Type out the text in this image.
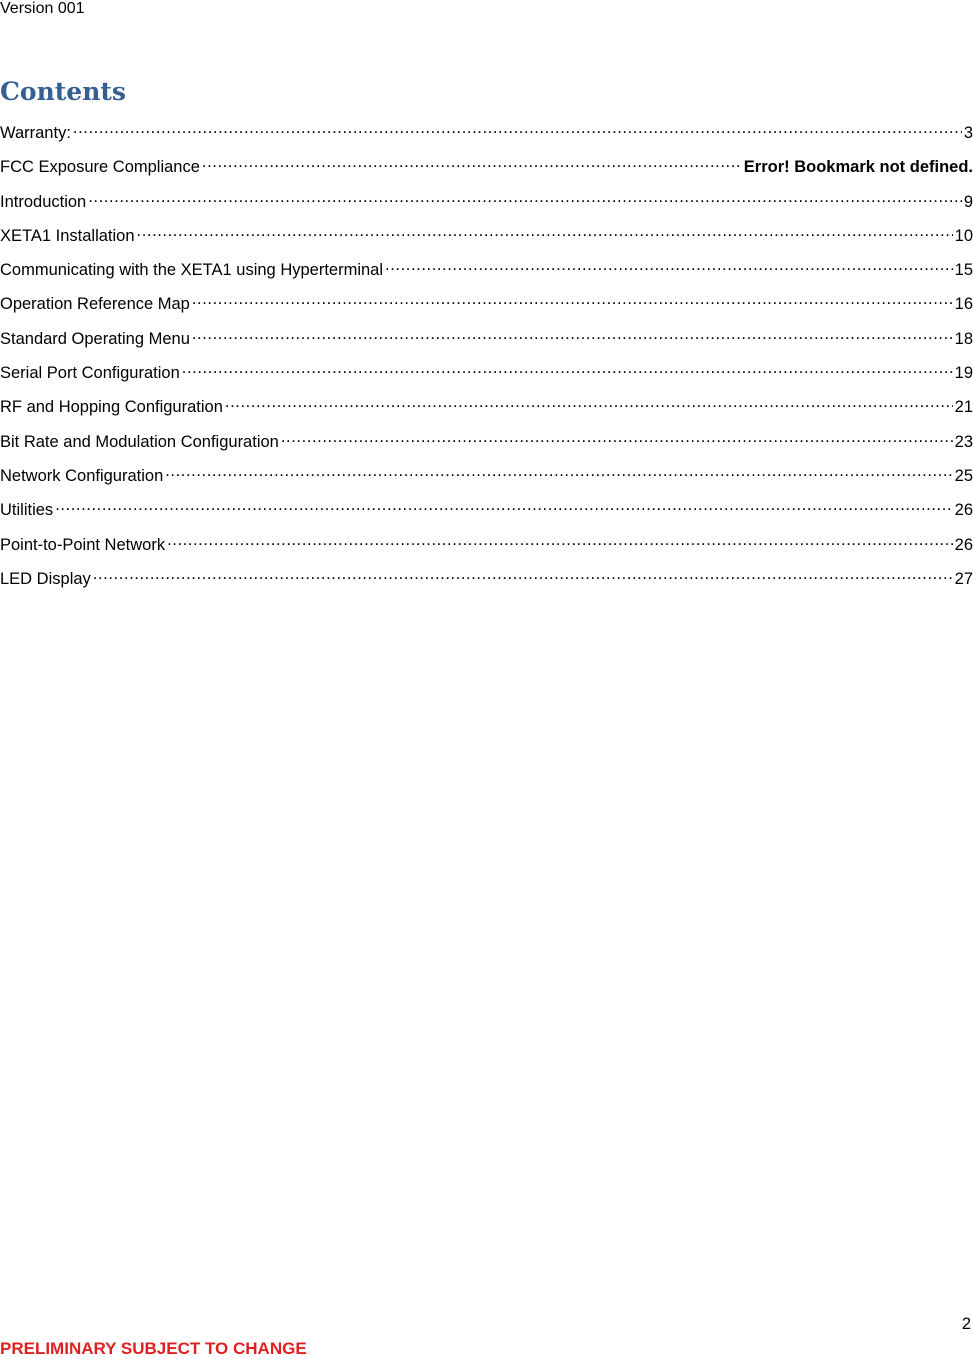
Version 001
Contents
Warranty: .....	3
FCC Exposure Compliance .....	Error! Bookmark not defined.
Introduction .....	9
XETA1 Installation .....	10
Communicating with the XETA1 using Hyperterminal .....	15
Operation Reference Map .....	16
Standard Operating Menu .....	18
Serial Port Configuration .....	19
RF and Hopping Configuration .....	21
Bit Rate and Modulation Configuration .....	23
Network Configuration .....	25
Utilities .....	26
Point-to-Point Network .....	26
LED Display .....	27
2
PRELIMINARY SUBJECT TO CHANGE
